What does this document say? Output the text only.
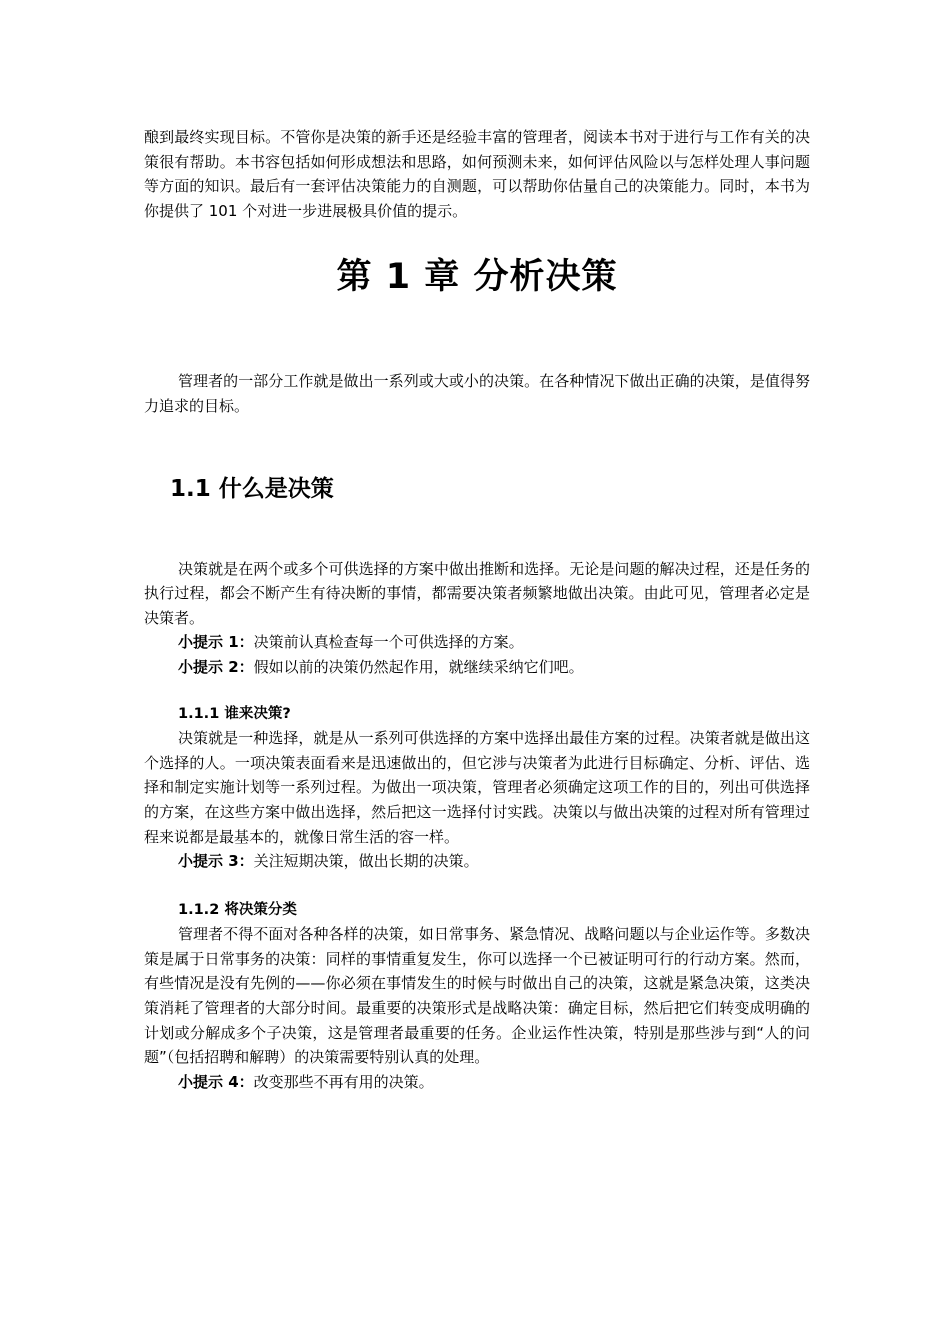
酿到最终实现目标。不管你是决策的新手还是经验丰富的管理者，阅读本书对于进行与工作有关的决策很有帮助。本书容包括如何形成想法和思路，如何预测未来，如何评估风险以与怎样处理人事问题等方面的知识。最后有一套评估决策能力的自测题，可以帮助你估量自己的决策能力。同时，本书为你提供了 101 个对进一步进展极具价值的提示。

第 1 章 分析决策

管理者的一部分工作就是做出一系列或大或小的决策。在各种情况下做出正确的决策，是值得努力追求的目标。

1.1 什么是决策

决策就是在两个或多个可供选择的方案中做出推断和选择。无论是问题的解决过程，还是任务的执行过程，都会不断产生有待决断的事情，都需要决策者频繁地做出决策。由此可见，管理者必定是决策者。

小提示 1：决策前认真检查每一个可供选择的方案。

小提示 2：假如以前的决策仍然起作用，就继续采纳它们吧。

1.1.1 谁来决策?

决策就是一种选择，就是从一系列可供选择的方案中选择出最佳方案的过程。决策者就是做出这个选择的人。一项决策表面看来是迅速做出的，但它涉与决策者为此进行目标确定、分析、评估、选择和制定实施计划等一系列过程。为做出一项决策，管理者必须确定这项工作的目的，列出可供选择的方案，在这些方案中做出选择，然后把这一选择付讨实践。决策以与做出决策的过程对所有管理过程来说都是最基本的，就像日常生活的容一样。

小提示 3：关注短期决策，做出长期的决策。

1.1.2 将决策分类

管理者不得不面对各种各样的决策，如日常事务、紧急情况、战略问题以与企业运作等。多数决策是属于日常事务的决策：同样的事情重复发生，你可以选择一个已被证明可行的行动方案。然而，有些情况是没有先例的——你必须在事情发生的时候与时做出自己的决策，这就是紧急决策，这类决策消耗了管理者的大部分时间。最重要的决策形式是战略决策：确定目标，然后把它们转变成明确的计划或分解成多个子决策，这是管理者最重要的任务。企业运作性决策，特别是那些涉与到“人的问题”（包括招聘和解聘）的决策需要特别认真的处理。

小提示 4：改变那些不再有用的决策。
